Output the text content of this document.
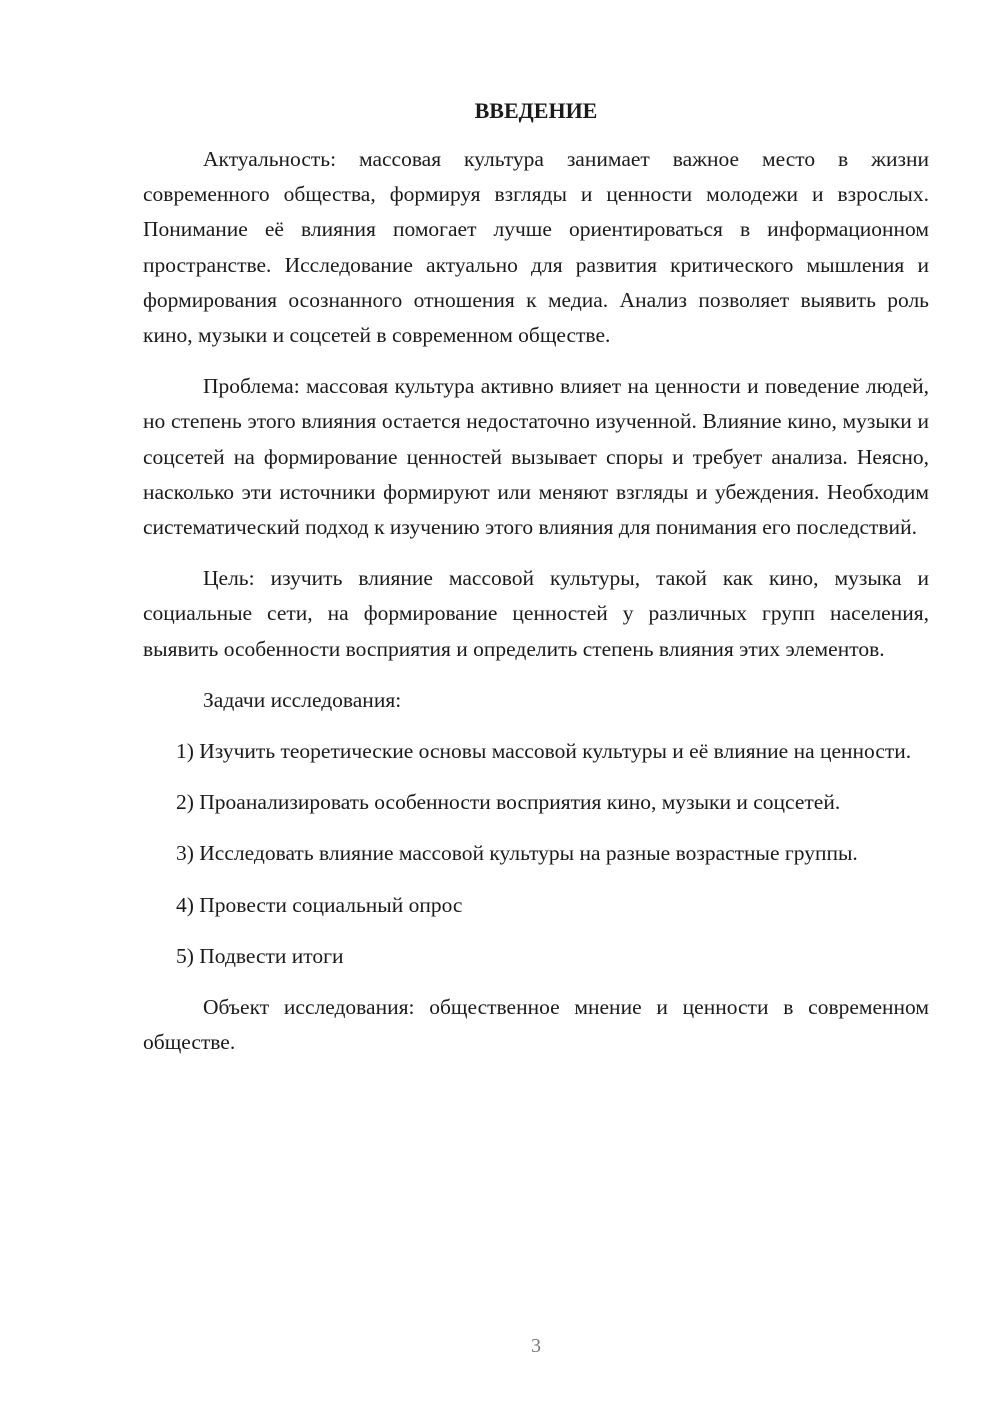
ВВЕДЕНИЕ

Актуальность: массовая культура занимает важное место в жизни современного общества, формируя взгляды и ценности молодежи и взрослых. Понимание её влияния помогает лучше ориентироваться в информационном пространстве. Исследование актуально для развития критического мышления и формирования осознанного отношения к медиа. Анализ позволяет выявить роль кино, музыки и соцсетей в современном обществе.

Проблема: массовая культура активно влияет на ценности и поведение людей, но степень этого влияния остается недостаточно изученной. Влияние кино, музыки и соцсетей на формирование ценностей вызывает споры и требует анализа. Неясно, насколько эти источники формируют или меняют взгляды и убеждения. Необходим систематический подход к изучению этого влияния для понимания его последствий.

Цель: изучить влияние массовой культуры, такой как кино, музыка и социальные сети, на формирование ценностей у различных групп населения, выявить особенности восприятия и определить степень влияния этих элементов.

Задачи исследования:

1) Изучить теоретические основы массовой культуры и её влияние на ценности.

2) Проанализировать особенности восприятия кино, музыки и соцсетей.

3) Исследовать влияние массовой культуры на разные возрастные группы.

4) Провести социальный опрос

5) Подвести итоги

Объект исследования: общественное мнение и ценности в современном обществе.

3
